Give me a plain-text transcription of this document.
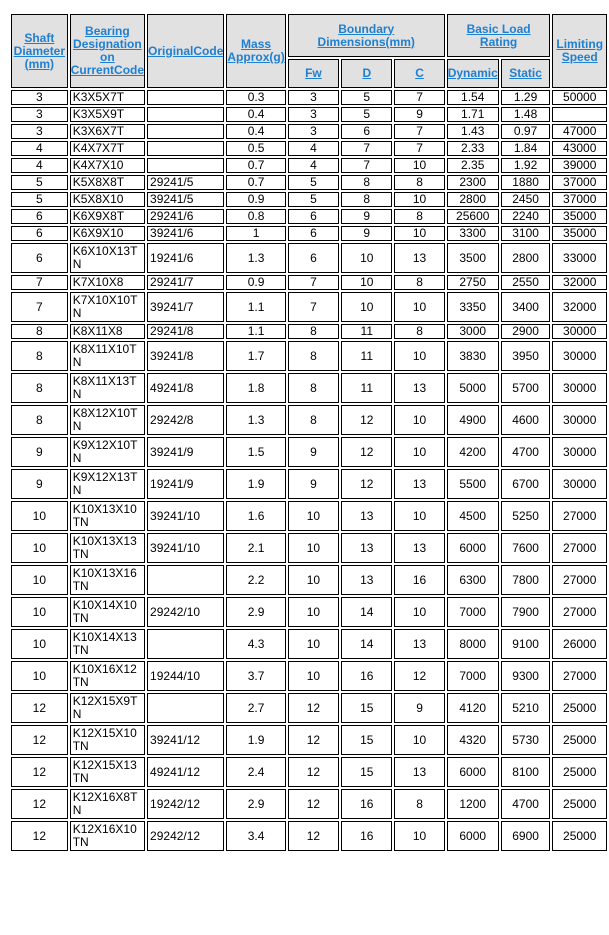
Shaft Diameter (mm)	Bearing Designation on CurrentCode	OriginalCode	Mass Approx(g)	Boundary Dimensions(mm)			Basic Load Rating		Limiting Speed
				Fw	D	C	Dynamic	Static	
3	K3X5X7T		0.3	3	5	7	1.54	1.29	50000
3	K3X5X9T		0.4	3	5	9	1.71	1.48	
3	K3X6X7T		0.4	3	6	7	1.43	0.97	47000
4	K4X7X7T		0.5	4	7	7	2.33	1.84	43000
4	K4X7X10		0.7	4	7	10	2.35	1.92	39000
5	K5X8X8T	29241/5	0.7	5	8	8	2300	1880	37000
5	K5X8X10	39241/5	0.9	5	8	10	2800	2450	37000
6	K6X9X8T	29241/6	0.8	6	9	8	25600	2240	35000
6	K6X9X10	39241/6	1	6	9	10	3300	3100	35000
6	K6X10X13TN	19241/6	1.3	6	10	13	3500	2800	33000
7	K7X10X8	29241/7	0.9	7	10	8	2750	2550	32000
7	K7X10X10TN	39241/7	1.1	7	10	10	3350	3400	32000
8	K8X11X8	29241/8	1.1	8	11	8	3000	2900	30000
8	K8X11X10TN	39241/8	1.7	8	11	10	3830	3950	30000
8	K8X11X13TN	49241/8	1.8	8	11	13	5000	5700	30000
8	K8X12X10TN	29242/8	1.3	8	12	10	4900	4600	30000
9	K9X12X10TN	39241/9	1.5	9	12	10	4200	4700	30000
9	K9X12X13TN	19241/9	1.9	9	12	13	5500	6700	30000
10	K10X13X10TN	39241/10	1.6	10	13	10	4500	5250	27000
10	K10X13X13TN	39241/10	2.1	10	13	13	6000	7600	27000
10	K10X13X16TN		2.2	10	13	16	6300	7800	27000
10	K10X14X10TN	29242/10	2.9	10	14	10	7000	7900	27000
10	K10X14X13TN		4.3	10	14	13	8000	9100	26000
10	K10X16X12TN	19244/10	3.7	10	16	12	7000	9300	27000
12	K12X15X9TN		2.7	12	15	9	4120	5210	25000
12	K12X15X10TN	39241/12	1.9	12	15	10	4320	5730	25000
12	K12X15X13TN	49241/12	2.4	12	15	13	6000	8100	25000
12	K12X16X8TN	19242/12	2.9	12	16	8	1200	4700	25000
12	K12X16X10TN	29242/12	3.4	12	16	10	6000	6900	25000
